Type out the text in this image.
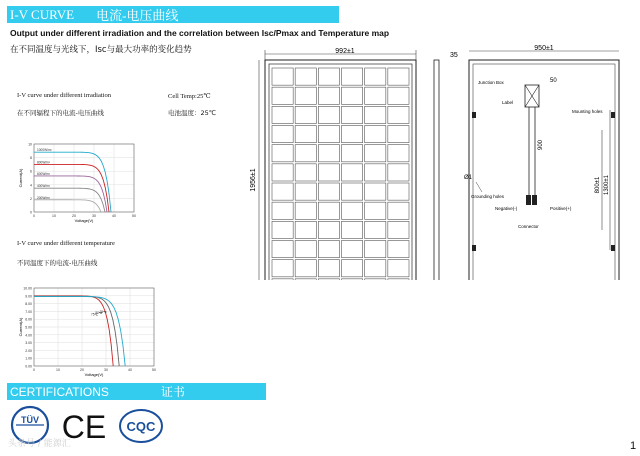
I-V CURVE 电流-电压曲线
Output under different irradiation and the correlation between Isc/Pmax and Temperature map
在不同温度与光线下，Isc与最大功率的变化趋势
I-V curve under different irradiation	Cell Temp:25℃
在不同辐程下的电流-电压曲线	电池温度：25℃
0
2
4
6
8
10
0	10	20	30	40	50
Current(A)
Voltage(V)
1000W/m²
800W/m²
600W/m²
400W/m²
200W/m²
I-V curve under different temperature
不同温度下的电流-电压曲线
0.00
1.00
2.00
3.00
4.00
5.00
6.00
7.00
8.00
9.00
10.00
0	10	20	30	40	50
Current(A)
Voltage(V)
75℃
50℃
25℃
992±1
1956±1
35
950±1
900
800±1 1300±1
50
Junction Box
Label
Mounting holes
Grounding holes
Ø1
Negative(-)	Positive(+)
Connector
CERTIFICATIONS	证书
TÜV CE CQC
头条号 / 能源汇	1
